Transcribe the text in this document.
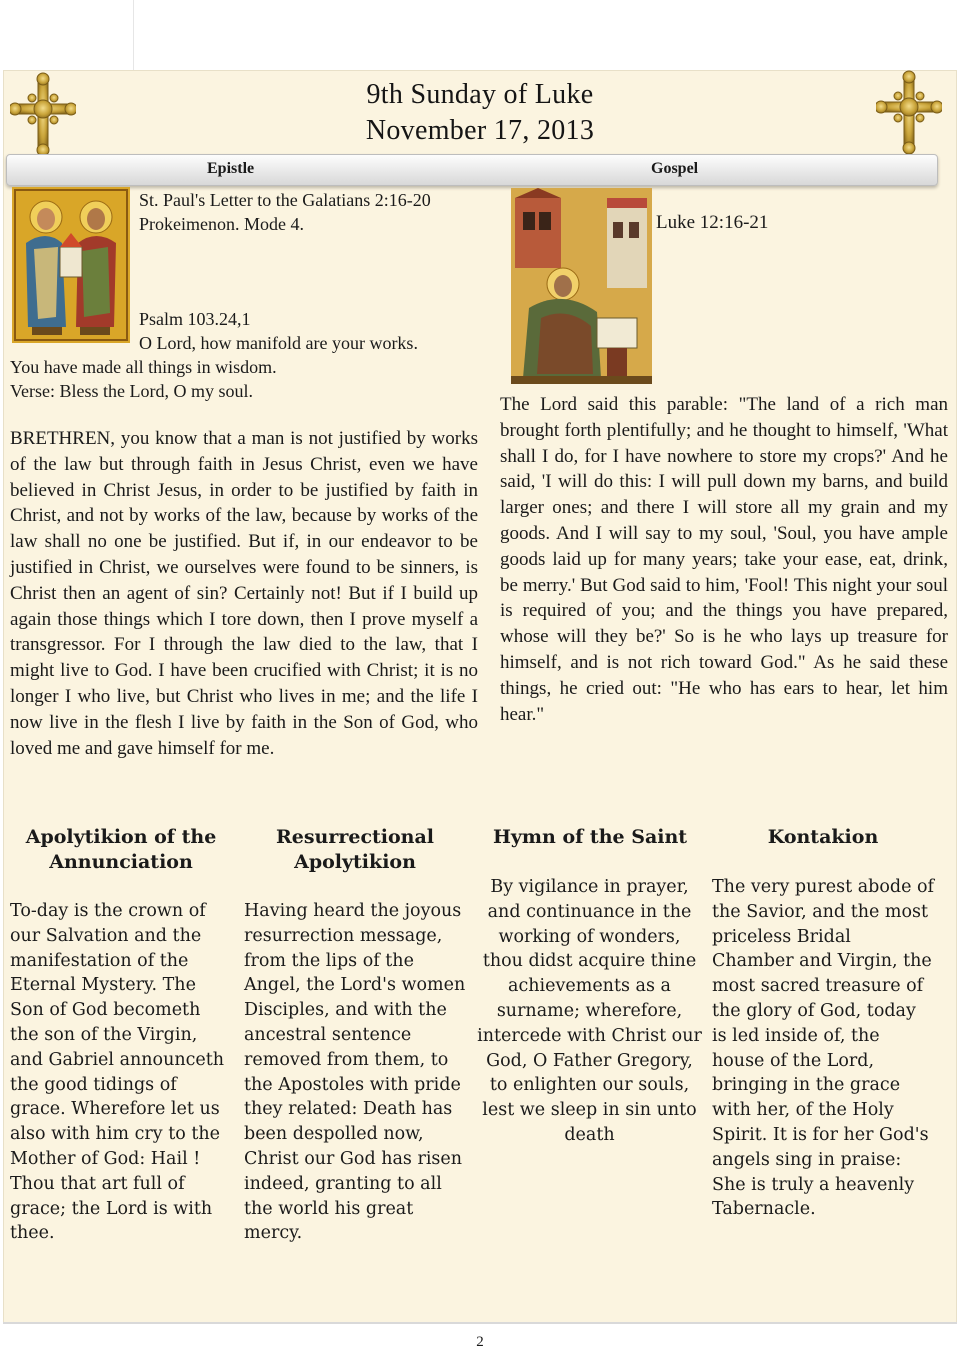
9th Sunday of Luke
November 17, 2013
Epistle	Gospel
St. Paul's Letter to the Galatians 2:16-20
Prokeimenon. Mode 4.
Psalm 103.24,1
O Lord, how manifold are your works.
You have made all things in wisdom.
Verse: Bless the Lord, O my soul.
BRETHREN, you know that a man is not justified by works of the law but through faith in Jesus Christ, even we have believed in Christ Jesus, in order to be justified by faith in Christ, and not by works of the law, because by works of the law shall no one be justified. But if, in our endeavor to be justified in Christ, we ourselves were found to be sinners, is Christ then an agent of sin? Certainly not! But if I build up again those things which I tore down, then I prove myself a transgressor. For I through the law died to the law, that I might live to God. I have been crucified with Christ; it is no longer I who live, but Christ who lives in me; and the life I now live in the flesh I live by faith in the Son of God, who loved me and gave himself for me.
Luke 12:16-21
The Lord said this parable: "The land of a rich man brought forth plentifully; and he thought to himself, 'What shall I do, for I have nowhere to store my crops?' And he said, 'I will do this: I will pull down my barns, and build larger ones; and there I will store all my grain and my goods. And I will say to my soul, 'Soul, you have ample goods laid up for many years; take your ease, eat, drink, be merry.' But God said to him, 'Fool! This night your soul is required of you; and the things you have prepared, whose will they be?' So is he who lays up treasure for himself, and is not rich toward God." As he said these things, he cried out: "He who has ears to hear, let him hear."
Apolytikion of the Annunciation
Resurrectional Apolytikion
Hymn of the Saint	Kontakion
To-day is the crown of our Salvation and the manifestation of the Eternal Mystery. The Son of God becometh the son of the Virgin, and Gabriel announceth the good tidings of grace. Wherefore let us also with him cry to the Mother of God: Hail ! Thou that art full of grace; the Lord is with thee.
Having heard the joyous resurrection message, from the lips of the Angel, the Lord's women Disciples, and with the ancestral sentence removed from them, to the Apostoles with pride they related: Death has been despolled now, Christ our God has risen indeed, granting to all the world his great mercy.
By vigilance in prayer, and continuance in the working of wonders, thou didst acquire thine achievements as a surname; wherefore, intercede with Christ our God, O Father Gregory, to enlighten our souls, lest we sleep in sin unto death
The very purest abode of the Savior, and the most priceless Bridal Chamber and Virgin, the most sacred treasure of the glory of God, today is led inside of, the house of the Lord, bringing in the grace with her, of the Holy Spirit. It is for her God's angels sing in praise: She is truly a heavenly Tabernacle.
2
